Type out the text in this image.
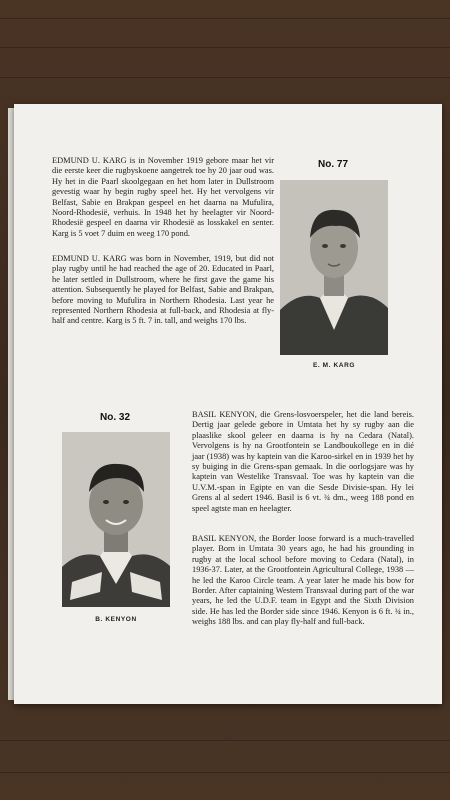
EDMUND U. KARG is in November 1919 gebore maar het vir die eerste keer die rugbyskoene aangetrek toe hy 20 jaar oud was. Hy het in die Paarl skoolgegaan en het hom later in Dullstroom gevestig waar hy begin rugby speel het. Hy het vervolgens vir Belfast, Sabie en Brakpan gespeel en het daarna na Mufulira, Noord-Rhodesië, verhuis. In 1948 het hy heelagter vir Noord-Rhodesië gespeel en daarna vir Rhodesië as losskakel en senter. Karg is 5 voet 7 duim en weeg 170 pond.

EDMUND U. KARG was born in November, 1919, but did not play rugby until he had reached the age of 20. Educated in Paarl, he later settled in Dullstroom, where he first gave the game his attention. Subsequently he played for Belfast, Sabie and Brakpan, before moving to Mufulira in Northern Rhodesia. Last year he represented Northern Rhodesia at full-back, and Rhodesia at fly-half and centre. Karg is 5 ft. 7 in. tall, and weighs 170 lbs.

No. 77

E. M. KARG

No. 32

B. KENYON

BASIL KENYON, die Grens-losvoerspeler, het die land bereis. Dertig jaar gelede gebore in Umtata het hy sy rugby aan die plaaslike skool geleer en daarna is hy na Cedara (Natal). Vervolgens is hy na Grootfontein se Landboukollege en in dié jaar (1938) was hy kaptein van die Karoo-sirkel en in 1939 het hy sy buiging in die Grens-span gemaak. In die oorlogsjare was hy kaptein van Westelike Transvaal. Toe was hy kaptein van die U.V.M.-span in Egipte en van die Sesde Divisie-span. Hy lei Grens al al sedert 1946. Basil is 6 vt. ¾ dm., weeg 188 pond en speel agtste man en heelagter.

BASIL KENYON, the Border loose forward is a much-travelled player. Born in Umtata 30 years ago, he had his grounding in rugby at the local school before moving to Cedara (Natal), in 1936-37. Later, at the Grootfontein Agricultural College, 1938 — he led the Karoo Circle team. A year later he made his bow for Border. After captaining Western Transvaal during part of the war years, he led the U.D.F. team in Egypt and the Sixth Division side. He has led the Border side since 1946. Kenyon is 6 ft. ¾ in., weighs 188 lbs. and can play fly-half and full-back.

49
